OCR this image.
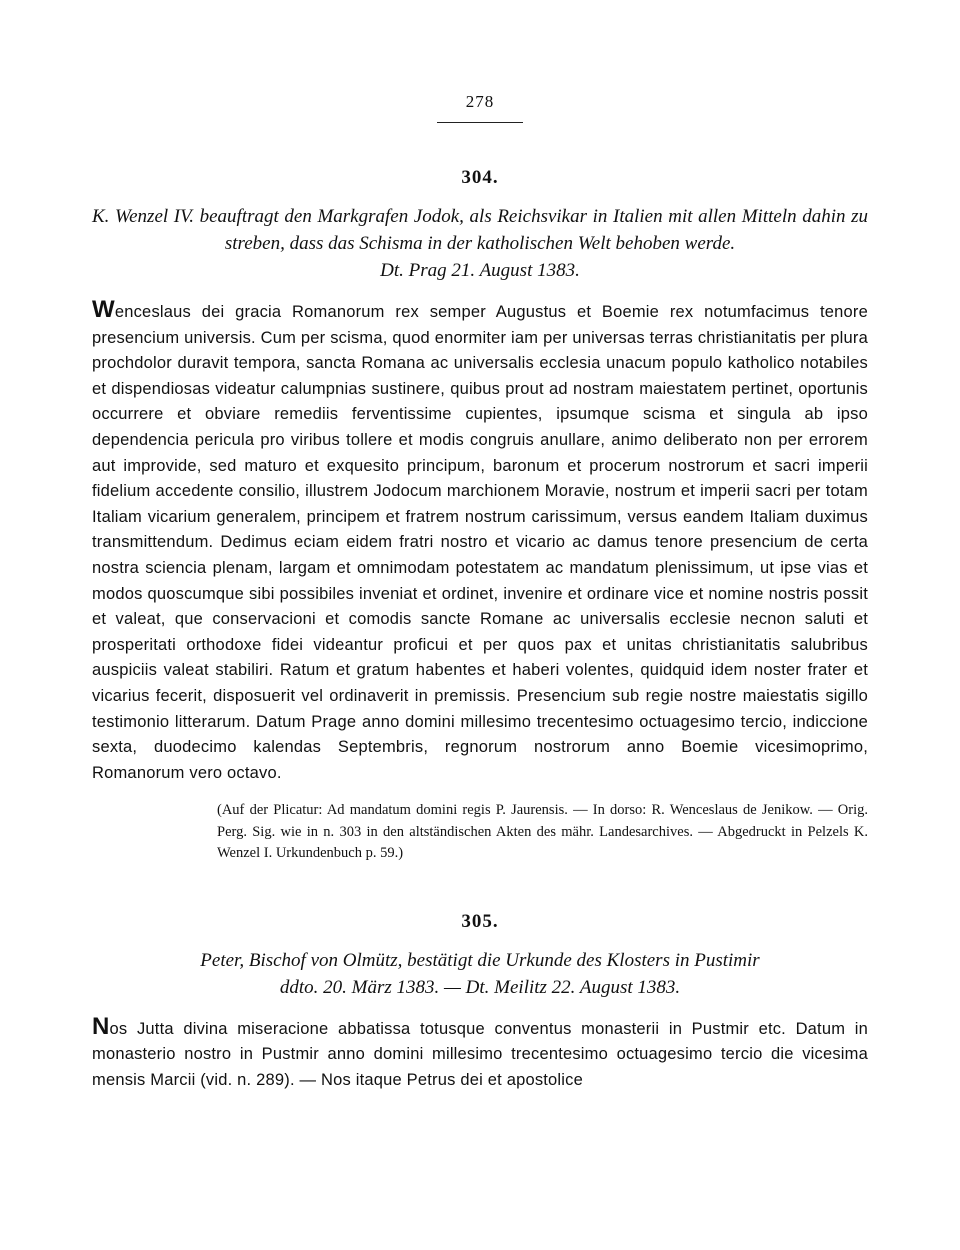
278
304.
K. Wenzel IV. beauftragt den Markgrafen Jodok, als Reichsvikar in Italien mit allen Mitteln dahin zu streben, dass das Schisma in der katholischen Welt behoben werde.
Dt. Prag 21. August 1383.
Wenceslaus dei gracia Romanorum rex semper Augustus et Boemie rex notumfacimus tenore presencium universis. Cum per scisma, quod enormiter iam per universas terras christianitatis per plura prochdolor duravit tempora, sancta Romana ac universalis ecclesia unacum populo katholico notabiles et dispendiosas videatur calumpnias sustinere, quibus prout ad nostram maiestatem pertinet, oportunis occurrere et obviare remediis ferventissime cupientes, ipsumque scisma et singula ab ipso dependencia pericula pro viribus tollere et modis congruis anullare, animo deliberato non per errorem aut improvide, sed maturo et exquesito principum, baronum et procerum nostrorum et sacri imperii fidelium accedente consilio, illustrem Jodocum marchionem Moravie, nostrum et imperii sacri per totam Italiam vicarium generalem, principem et fratrem nostrum carissimum, versus eandem Italiam duximus transmittendum. Dedimus eciam eidem fratri nostro et vicario ac damus tenore presencium de certa nostra sciencia plenam, largam et omnimodam potestatem ac mandatum plenissimum, ut ipse vias et modos quoscumque sibi possibiles inveniat et ordinet, invenire et ordinare vice et nomine nostris possit et valeat, que conservacioni et comodis sancte Romane ac universalis ecclesie necnon saluti et prosperitati orthodoxe fidei videantur proficui et per quos pax et unitas christianitatis salubribus auspiciis valeat stabiliri. Ratum et gratum habentes et haberi volentes, quidquid idem noster frater et vicarius fecerit, disposuerit vel ordinaverit in premissis. Presencium sub regie nostre maiestatis sigillo testimonio litterarum. Datum Prage anno domini millesimo trecentesimo octuagesimo tercio, indiccione sexta, duodecimo kalendas Septembris, regnorum nostrorum anno Boemie vicesimoprimo, Romanorum vero octavo.
(Auf der Plicatur: Ad mandatum domini regis P. Jaurensis. — In dorso: R. Wenceslaus de Jenikow. — Orig. Perg. Sig. wie in n. 303 in den altständischen Akten des mähr. Landesarchives. — Abgedruckt in Pelzels K. Wenzel I. Urkundenbuch p. 59.)
305.
Peter, Bischof von Olmütz, bestätigt die Urkunde des Klosters in Pustimir
ddto. 20. März 1383. — Dt. Meilitz 22. August 1383.
Nos Jutta divina miseracione abbatissa totusque conventus monasterii in Pustmir etc. Datum in monasterio nostro in Pustmir anno domini millesimo trecentesimo octuagesimo tercio die vicesima mensis Marcii (vid. n. 289). — Nos itaque Petrus dei et apostolice
